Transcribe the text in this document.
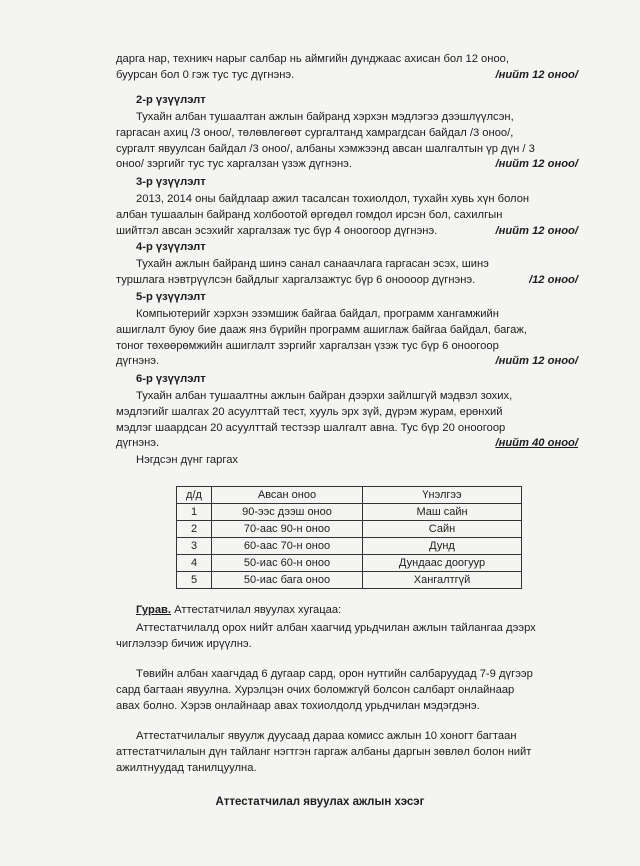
дарга нар, техникч нарыг салбар нь аймгийн дунджаас ахисан бол 12 оноо,
буурсан бол 0 гэж тус тус дүгнэнэ.	/нийт 12 оноо/

2-р үзүүлэлт

Тухайн албан тушаалтан ажлын байранд хэрхэн мэдлэгээ дээшлүүлсэн,
гаргасан ахиц /3 оноо/, төлөвлөгөөт сургалтанд хамрагдсан байдал /3 оноо/,
сургалт явуулсан байдал /3 оноо/, албаны хэмжээнд авсан шалгалтын үр дүн / 3
оноо/ зэргийг тус тус харгалзан үзэж дүгнэнэ.	/нийт 12 оноо/

3-р үзүүлэлт

2013, 2014 оны байдлаар ажил тасалсан тохиолдол, тухайн хувь хүн болон
албан тушаалын байранд холбоотой өргөдөл гомдол ирсэн бол, сахилгын
шийтгэл авсан эсэхийг харгалзаж тус бүр 4 оноогоор дүгнэнэ.	/нийт 12 оноо/

4-р үзүүлэлт

Тухайн ажлын байранд шинэ санал санаачлага гаргасан эсэх, шинэ
туршлага нэвтрүүлсэн байдлыг харгалзажтус бүр 6 оноооор дүгнэнэ.	/12 оноо/

5-р үзүүлэлт

Компьютерийг хэрхэн эзэмшиж байгаа байдал, программ хангамжийн
ашиглалт буюу бие дааж янз бүрийн программ ашиглаж байгаа байдал, багаж,
тоног төхөөрөмжийн ашиглалт зэргийг харгалзан үзэж тус бүр 6 оноогоор
дүгнэнэ.	/нийт 12 оноо/

6-р үзүүлэлт

Тухайн албан тушаалтны ажлын байран дээрхи зайлшгүй мэдвэл зохих,
мэдлэгийг шалгах 20 асуулттай тест, хууль эрх зүй, дүрэм журам, ерөнхий
мэдлэг шаардсан 20 асуулттай тестээр шалгалт авна. Тус бүр 20 оноогоор
дүгнэнэ.	/нийт 40 оноо/

Нэгдсэн дүнг гаргах

д/д	Авсан оноо	Үнэлгээ
1	90-ээс дээш оноо	Маш сайн
2	70-аас 90-н оноо	Сайн
3	60-аас 70-н оноо	Дунд
4	50-иас 60-н оноо	Дундаас доогуур
5	50-иас бага оноо	Хангалтгүй

Гурав. Аттестатчилал явуулах хугацаа:

Аттестатчилалд орох нийт албан хаагчид урьдчилан ажлын тайлангаа дээрх
чиглэлээр бичиж ирүүлнэ.
Төвийн албан хаагчдад 6 дугаар сард, орон нутгийн салбаруудад 7-9 дүгээр
сард багтаан явуулна. Хурэлцэн очих боломжгүй болсон салбарт онлайнаар
авах болно. Хэрэв онлайнаар авах тохиолдолд урьдчилан мэдэгдэнэ.
Аттестатчилалыг явуулж дуусаад дараа комисс ажлын 10 хоногт багтаан
аттестатчилалын дүн тайланг нэгтгэн гаргаж албаны даргын зөвлөл болон нийт
ажилтнуудад танилцуулна.
Аттестатчилал явуулах ажлын хэсэг
